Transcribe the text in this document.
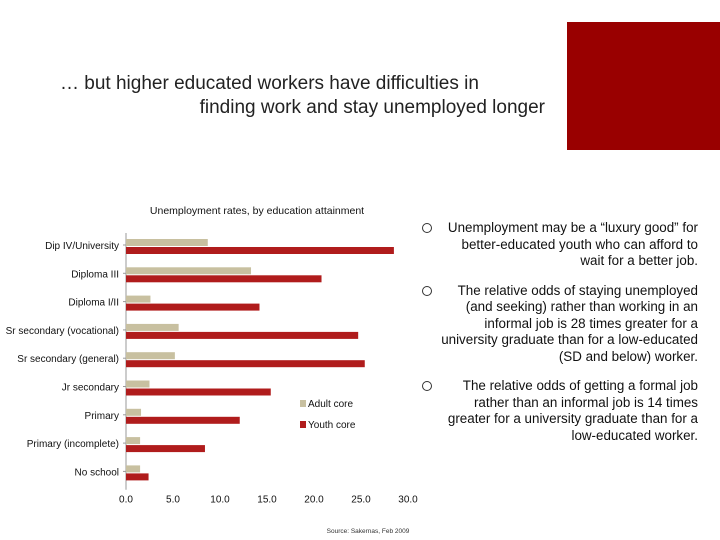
… but higher educated workers have difficulties in
finding work and stay unemployed longer
Unemployment rates, by education attainment
Dip IV/University
Diploma III
Diploma I/II
Sr secondary (vocational)
Sr secondary (general)
Jr secondary
Primary
Primary (incomplete)
No school
0.0	5.0	10.0	15.0	20.0	25.0	30.0
Adult core
Youth core
Source: Sakernas, Feb 2009
Unemployment may be a “luxury good” for better-educated youth who can afford to wait for a better job.
The relative odds of staying unemployed (and seeking) rather than working in an informal job is 28 times greater for a university graduate than for a low-educated (SD and below) worker.
The relative odds of getting a formal job rather than an informal job is 14 times greater for a university graduate than for a low-educated worker.
